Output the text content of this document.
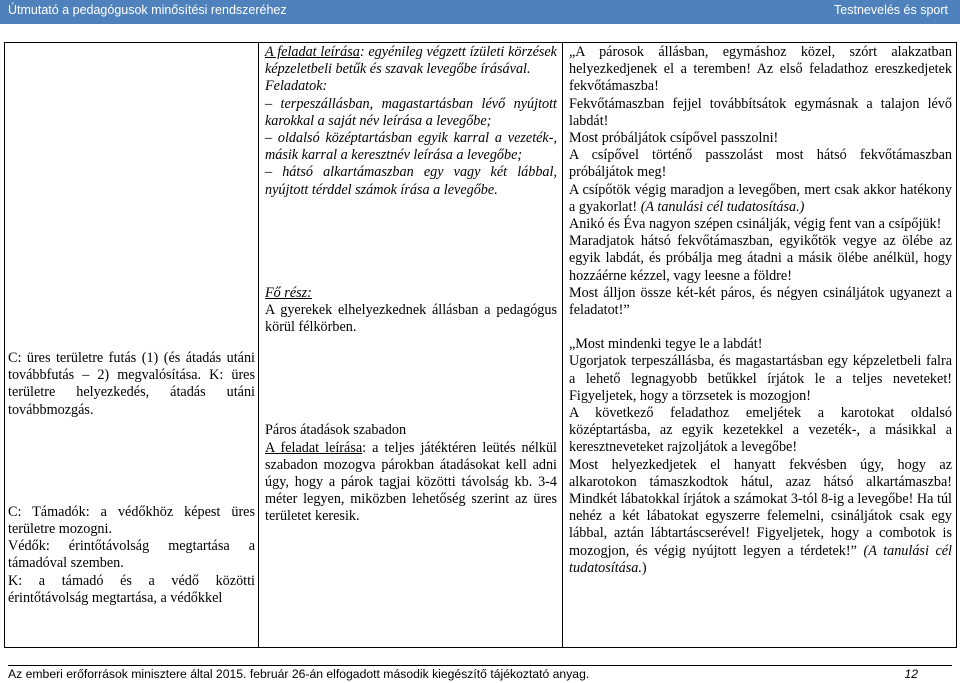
Útmutató a pedagógusok minősítési rendszeréhez	Testnevelés és sport

C: üres területre futás (1) (és átadás utáni továbbfutás – 2) megvalósítása. K: üres területre helyezkedés, átadás utáni továbbmozgás.

C: Támadók: a védőkhöz képest üres területre mozogni.

Védők: érintőtávolság megtartása a támadóval szemben.

K: a támadó és a védő közötti érintőtávolság megtartása, a védőkkel

A feladat leírása: egyénileg végzett ízületi körzések képzeletbeli betűk és szavak levegőbe írásával.

Feladatok:

– terpeszállásban, magastartásban lévő nyújtott karokkal a saját név leírása a levegőbe;

– oldalsó középtartásban egyik karral a vezeték-, másik karral a keresztnév leírása a levegőbe;

– hátsó alkartámaszban egy vagy két lábbal, nyújtott térddel számok írása a levegőbe.

Fő rész:

A gyerekek elhelyezkednek állásban a pedagógus körül félkörben.

Páros átadások szabadon

A feladat leírása: a teljes játéktéren leütés nélkül szabadon mozogva párokban átadásokat kell adni úgy, hogy a párok tagjai közötti távolság kb. 3-4 méter legyen, miközben lehetőség szerint az üres területet keresik.

„A párosok állásban, egymáshoz közel, szórt alakzatban helyezkedjenek el a teremben! Az első feladathoz ereszkedjetek fekvőtámaszba!

Fekvőtámaszban fejjel továbbítsátok egymásnak a talajon lévő labdát!

Most próbáljátok csípővel passzolni!

A csípővel történő passzolást most hátsó fekvőtámaszban próbáljátok meg!

A csípőtök végig maradjon a levegőben, mert csak akkor hatékony a gyakorlat! (A tanulási cél tudatosítása.)

Anikó és Éva nagyon szépen csinálják, végig fent van a csípőjük!

Maradjatok hátsó fekvőtámaszban, egyikőtök vegye az ölébe az egyik labdát, és próbálja meg átadni a másik ölébe anélkül, hogy hozzáérne kézzel, vagy leesne a földre!

Most álljon össze két-két páros, és négyen csináljátok ugyanezt a feladatot!”

„Most mindenki tegye le a labdát!

Ugorjatok terpeszállásba, és magastartásban egy képzeletbeli falra a lehető legnagyobb betűkkel írjátok le a teljes neveteket! Figyeljetek, hogy a törzsetek is mozogjon!

A következő feladathoz emeljétek a karotokat oldalsó középtartásba, az egyik kezetekkel a vezeték-, a másikkal a keresztneveteket rajzoljátok a levegőbe!

Most helyezkedjetek el hanyatt fekvésben úgy, hogy az alkarotokon támaszkodtok hátul, azaz hátsó alkartámaszba! Mindkét lábatokkal írjátok a számokat 3-tól 8-ig a levegőbe! Ha túl nehéz a két lábatokat egyszerre felemelni, csináljátok csak egy lábbal, aztán lábtartáscserével! Figyeljetek, hogy a combotok is mozogjon, és végig nyújtott legyen a térdetek!” (A tanulási cél tudatosítása.)

Az emberi erőforrások minisztere által 2015. február 26-án elfogadott második kiegészítő tájékoztató anyag.	12
